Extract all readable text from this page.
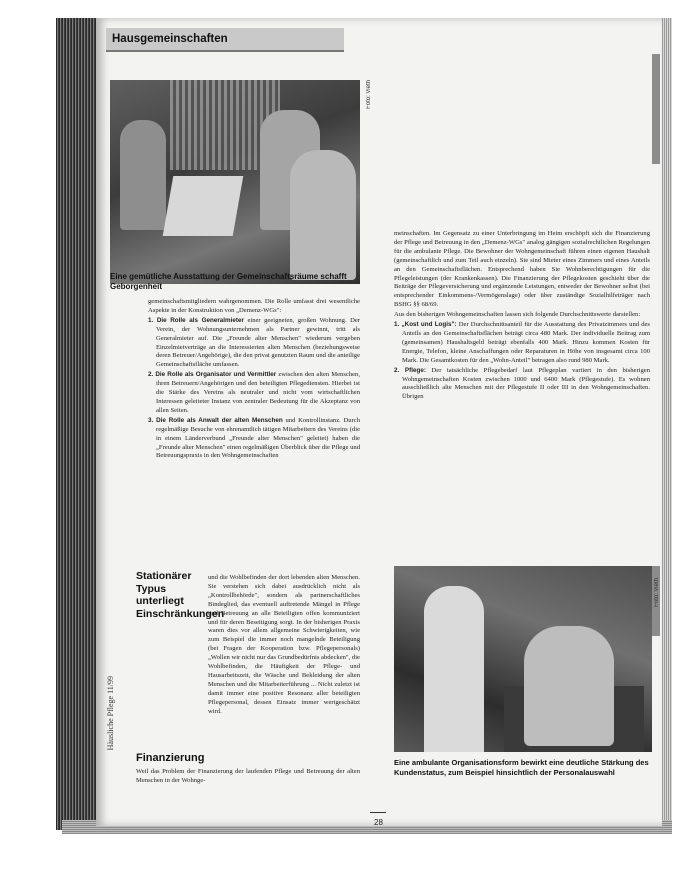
Hausgemeinschaften
Foto: Vieth
Eine gemütliche Ausstattung der Gemeinschaftsräume schafft Geborgenheit

gemeinschaftsmitgliedern wahrgenommen. Die Rolle umfasst drei wesentliche Aspekte in der Konstruktion von „Demenz-WGs":

1. Die Rolle als Generalmieter einer geeigneten, großen Wohnung. Der Verein, der Wohnungsunternehmen als Partner gewinnt, tritt als Generalmieter auf. Die „Freunde alter Menschen" wiederum vergeben Einzelmietverträge an die Interessierten alten Menschen (beziehungsweise deren Betreuer/Angehörige), die den privat genutzten Raum und die anteilige Gemeinschaftsfläche umfassen.

2. Die Rolle als Organisator und Vermittler zwischen den alten Menschen, ihren Betreuern/Angehörigen und den beteiligten Pflegediensten. Hierbei ist die Stärke des Vereins als neutraler und nicht vom wirtschaftlichen Interessen geleiteter Instanz von zentraler Bedeutung für die Akzeptanz von allen Seiten.

3. Die Rolle als Anwalt der alten Menschen und Kontrollinstanz. Durch regelmäßige Besuche von ehrenamtlich tätigen Mitarbeitern des Vereins (die in einem Länderverbund „Freunde alter Menschen" geleitet) haben die „Freunde alter Menschen" einen regelmäßigen Überblick über die Pflege und Betreuungspraxis in den Wohngemeinschaften

Stationärer Typus unterliegt Einschränkungen

und die Wohlbefinden der dort lebenden alten Menschen. Sie verstehen sich dabei ausdrücklich nicht als „Kontrollbehörde", sondern als partnerschaftliches Bindeglied, das eventuell auftretende Mängel in Pflege und Betreuung an alle Beteiligten offen kommuniziert und für deren Beseitigung sorgt. In der bisherigen Praxis waren dies vor allem allgemeine Schwierigkeiten, wie zum Beispiel die immer noch mangelnde Beteiligung (bei Fragen der Kooperation bzw. Pflegepersonals) „Wollen wir nicht nur das Grundbedürfnis abdecken", die Wohlbefinden, die Häufigkeit der Pflege- und Hausarbeitszeit, die Wäsche und Bekleidung der alten Menschen und die Mitarbeiterführung ... Nicht zuletzt ist damit immer eine positive Resonanz aller beteiligten Pflegepersonal, dessen Einsatz immer wertgeschätzt wird.

Finanzierung

Weil das Problem der Finanzierung der laufenden Pflege und Betreuung der alten Menschen in der Wohnge-

meinschaften. Im Gegensatz zu einer Unterbringung im Heim erschöpft sich die Finanzierung der Pflege und Betreuung in den „Demenz-WGs" analog gängigen sozialrechtlichen Regelungen für die ambulante Pflege. Die Bewohner der Wohngemeinschaft führen einen eigenen Haushalt (gemeinschaftlich und zum Teil auch einzeln). Sie sind Mieter eines Zimmers und eines Anteils an den Gemeinschaftsflächen. Entsprechend haben Sie Wohnberechtigungen für die Pflegeleistungen (der Krankenkassen). Die Finanzierung der Pflegekosten geschieht über die Beiträge der Pflegeversicherung und ergänzende Leistungen, entweder der Bewohner selbst (bei entsprechender Einkommens-/Vermögenslage) oder über zuständige Sozialhilfeträger nach BSHG §§ 68/69.

Aus den bisherigen Wohngemeinschaften lassen sich folgende Durchschnittswerte darstellen:

1. „Kost und Logis": Der Durchschnittsanteil für die Ausstattung des Privatzimmers und des Anteils an den Gemeinschaftsflächen beträgt circa 480 Mark. Der individuelle Beitrag zum (gemeinsamen) Haushaltsgeld beträgt ebenfalls 400 Mark. Hinzu kommen Kosten für Energie, Telefon, kleine Anschaffungen oder Reparaturen in Höhe von insgesamt circa 100 Mark. Die Gesamtkosten für den „Wohn-Anteil" betragen also rund 980 Mark.

2. Pflege: Der tatsächliche Pflegebedarf laut Pflegeplan variiert in den bisherigen Wohngemeinschaften Kosten zwischen 1000 und 6400 Mark (Pflegestufe). Es wohnen ausschließlich alte Menschen mit der Pflegestufe II oder III in den Wohngemeinschaften. Übrigen

Foto: Vieth
Eine ambulante Organisationsform bewirkt eine deutliche Stärkung des Kundenstatus, zum Beispiel hinsichtlich der Personalauswahl
Häusliche Pflege 11/99
28
